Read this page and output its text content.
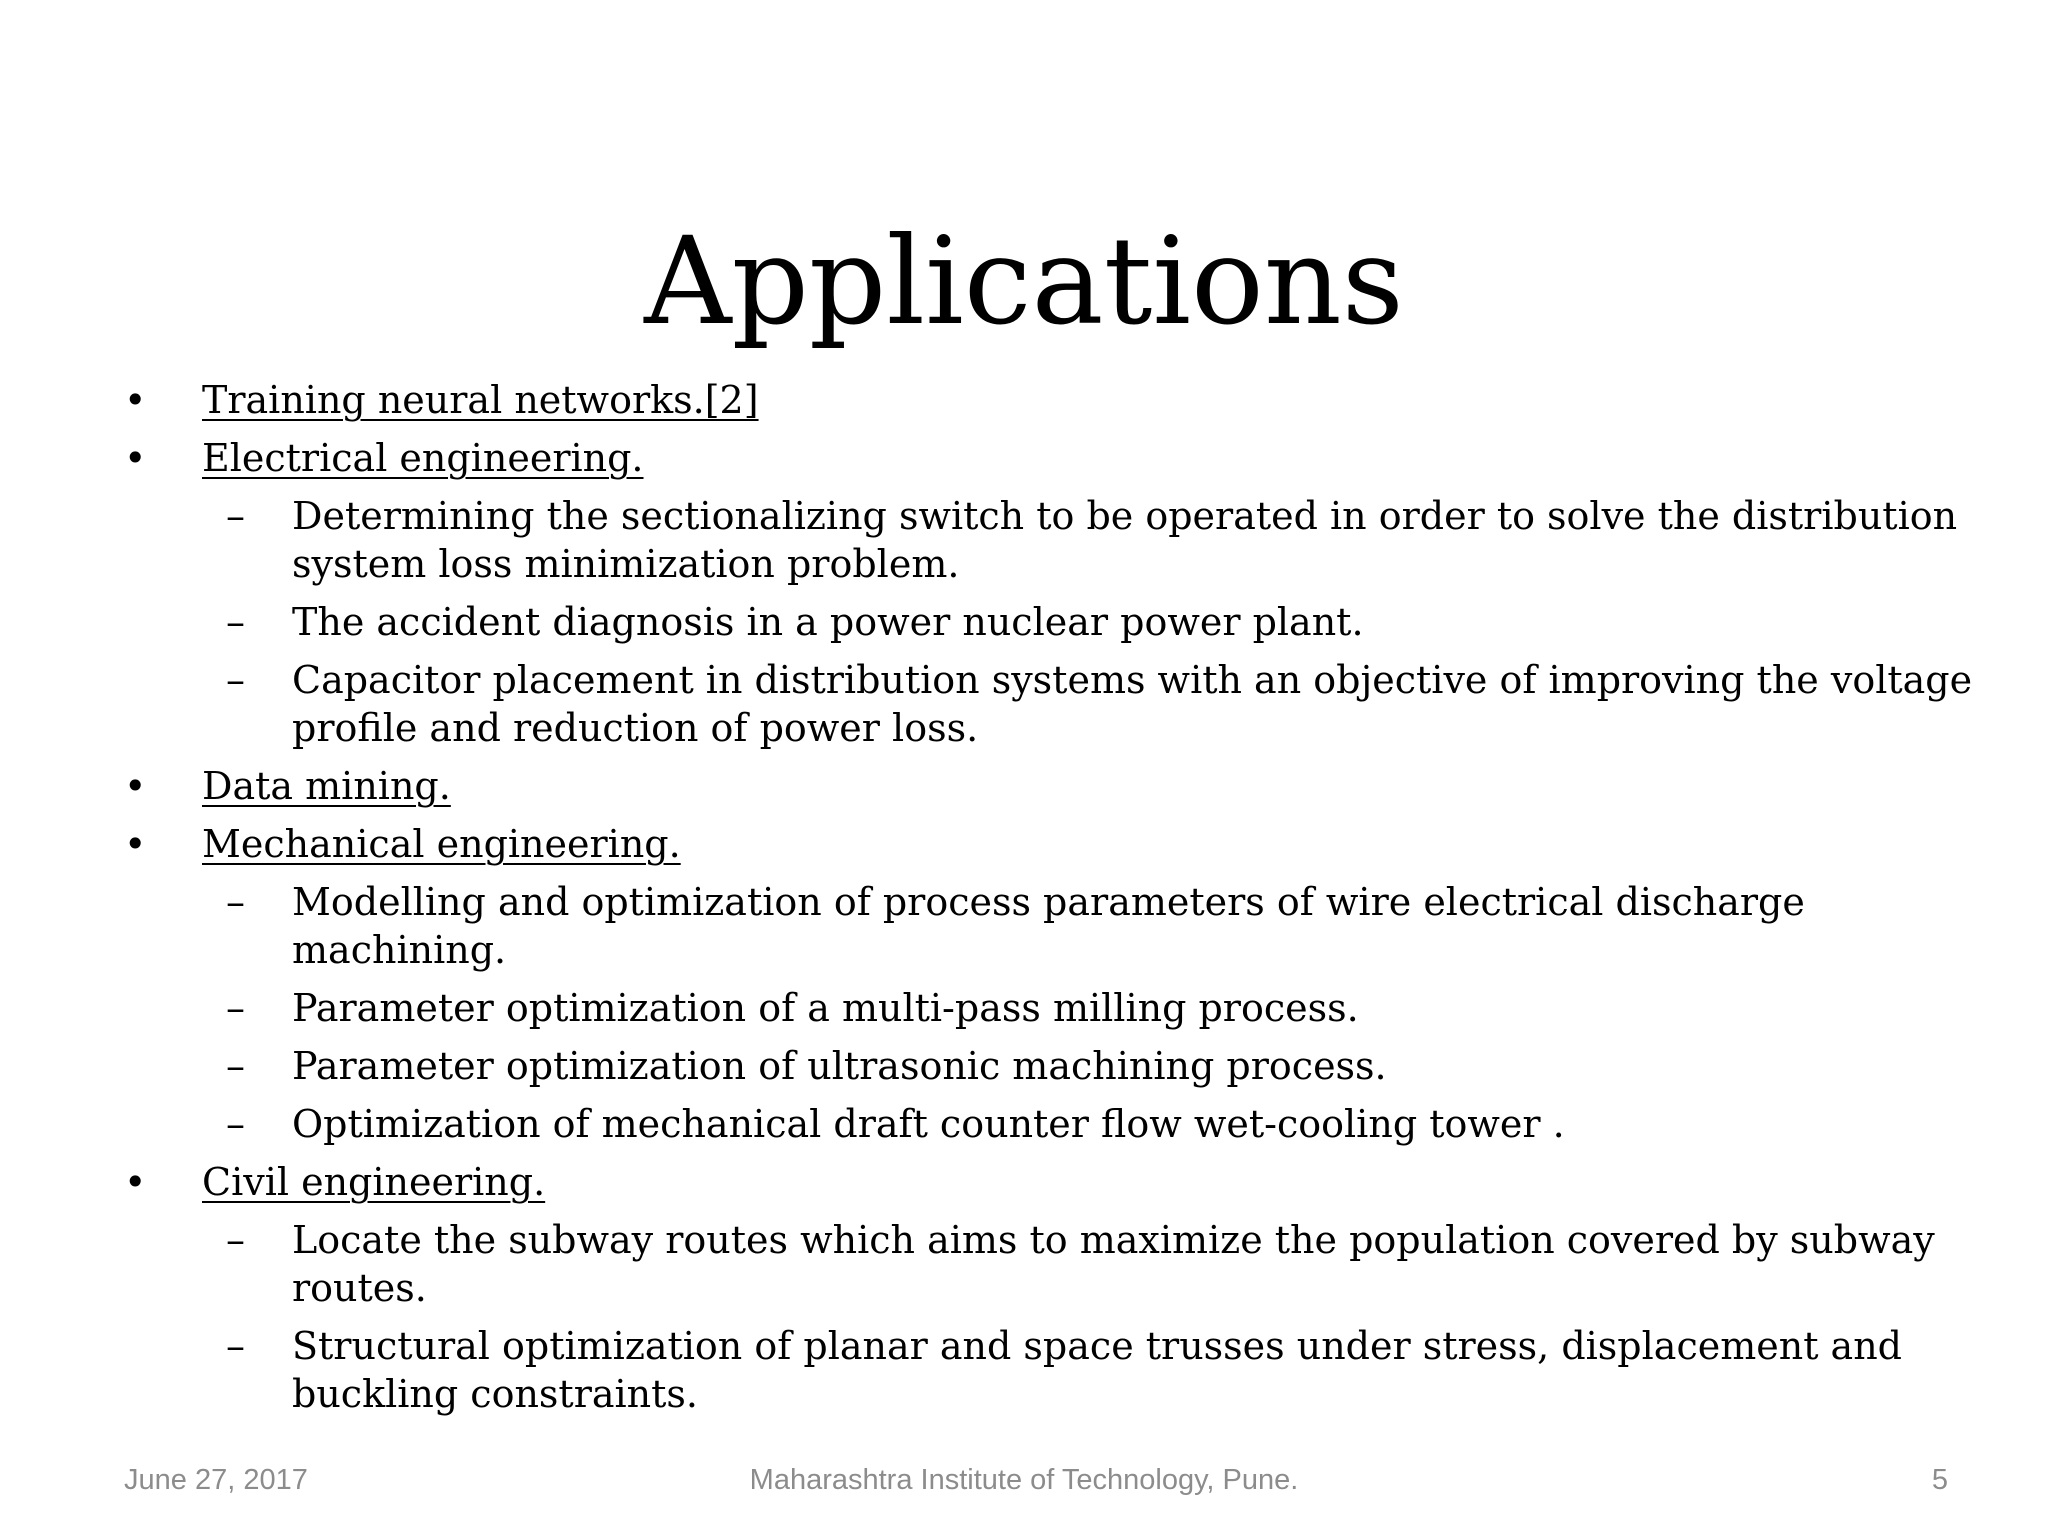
Applications
•	Training neural networks.[2]
•	Electrical engineering.
–	Determining the sectionalizing switch to be operated in order to solve the distribution system loss minimization problem.
–	The accident diagnosis in a power nuclear power plant.
–	Capacitor placement in distribution systems with an objective of improving the voltage profile and reduction of power loss.
•	Data mining.
•	Mechanical engineering.
–	Modelling and optimization of process parameters of wire electrical discharge machining.
–	Parameter optimization of a multi-pass milling process.
–	Parameter optimization of ultrasonic machining process.
–	Optimization of mechanical draft counter flow wet-cooling tower .
•	Civil engineering.
–	Locate the subway routes which aims to maximize the population covered by subway routes.
–	Structural optimization of planar and space trusses under stress, displacement and buckling constraints.
June 27, 2017	Maharashtra Institute of Technology, Pune.	5
